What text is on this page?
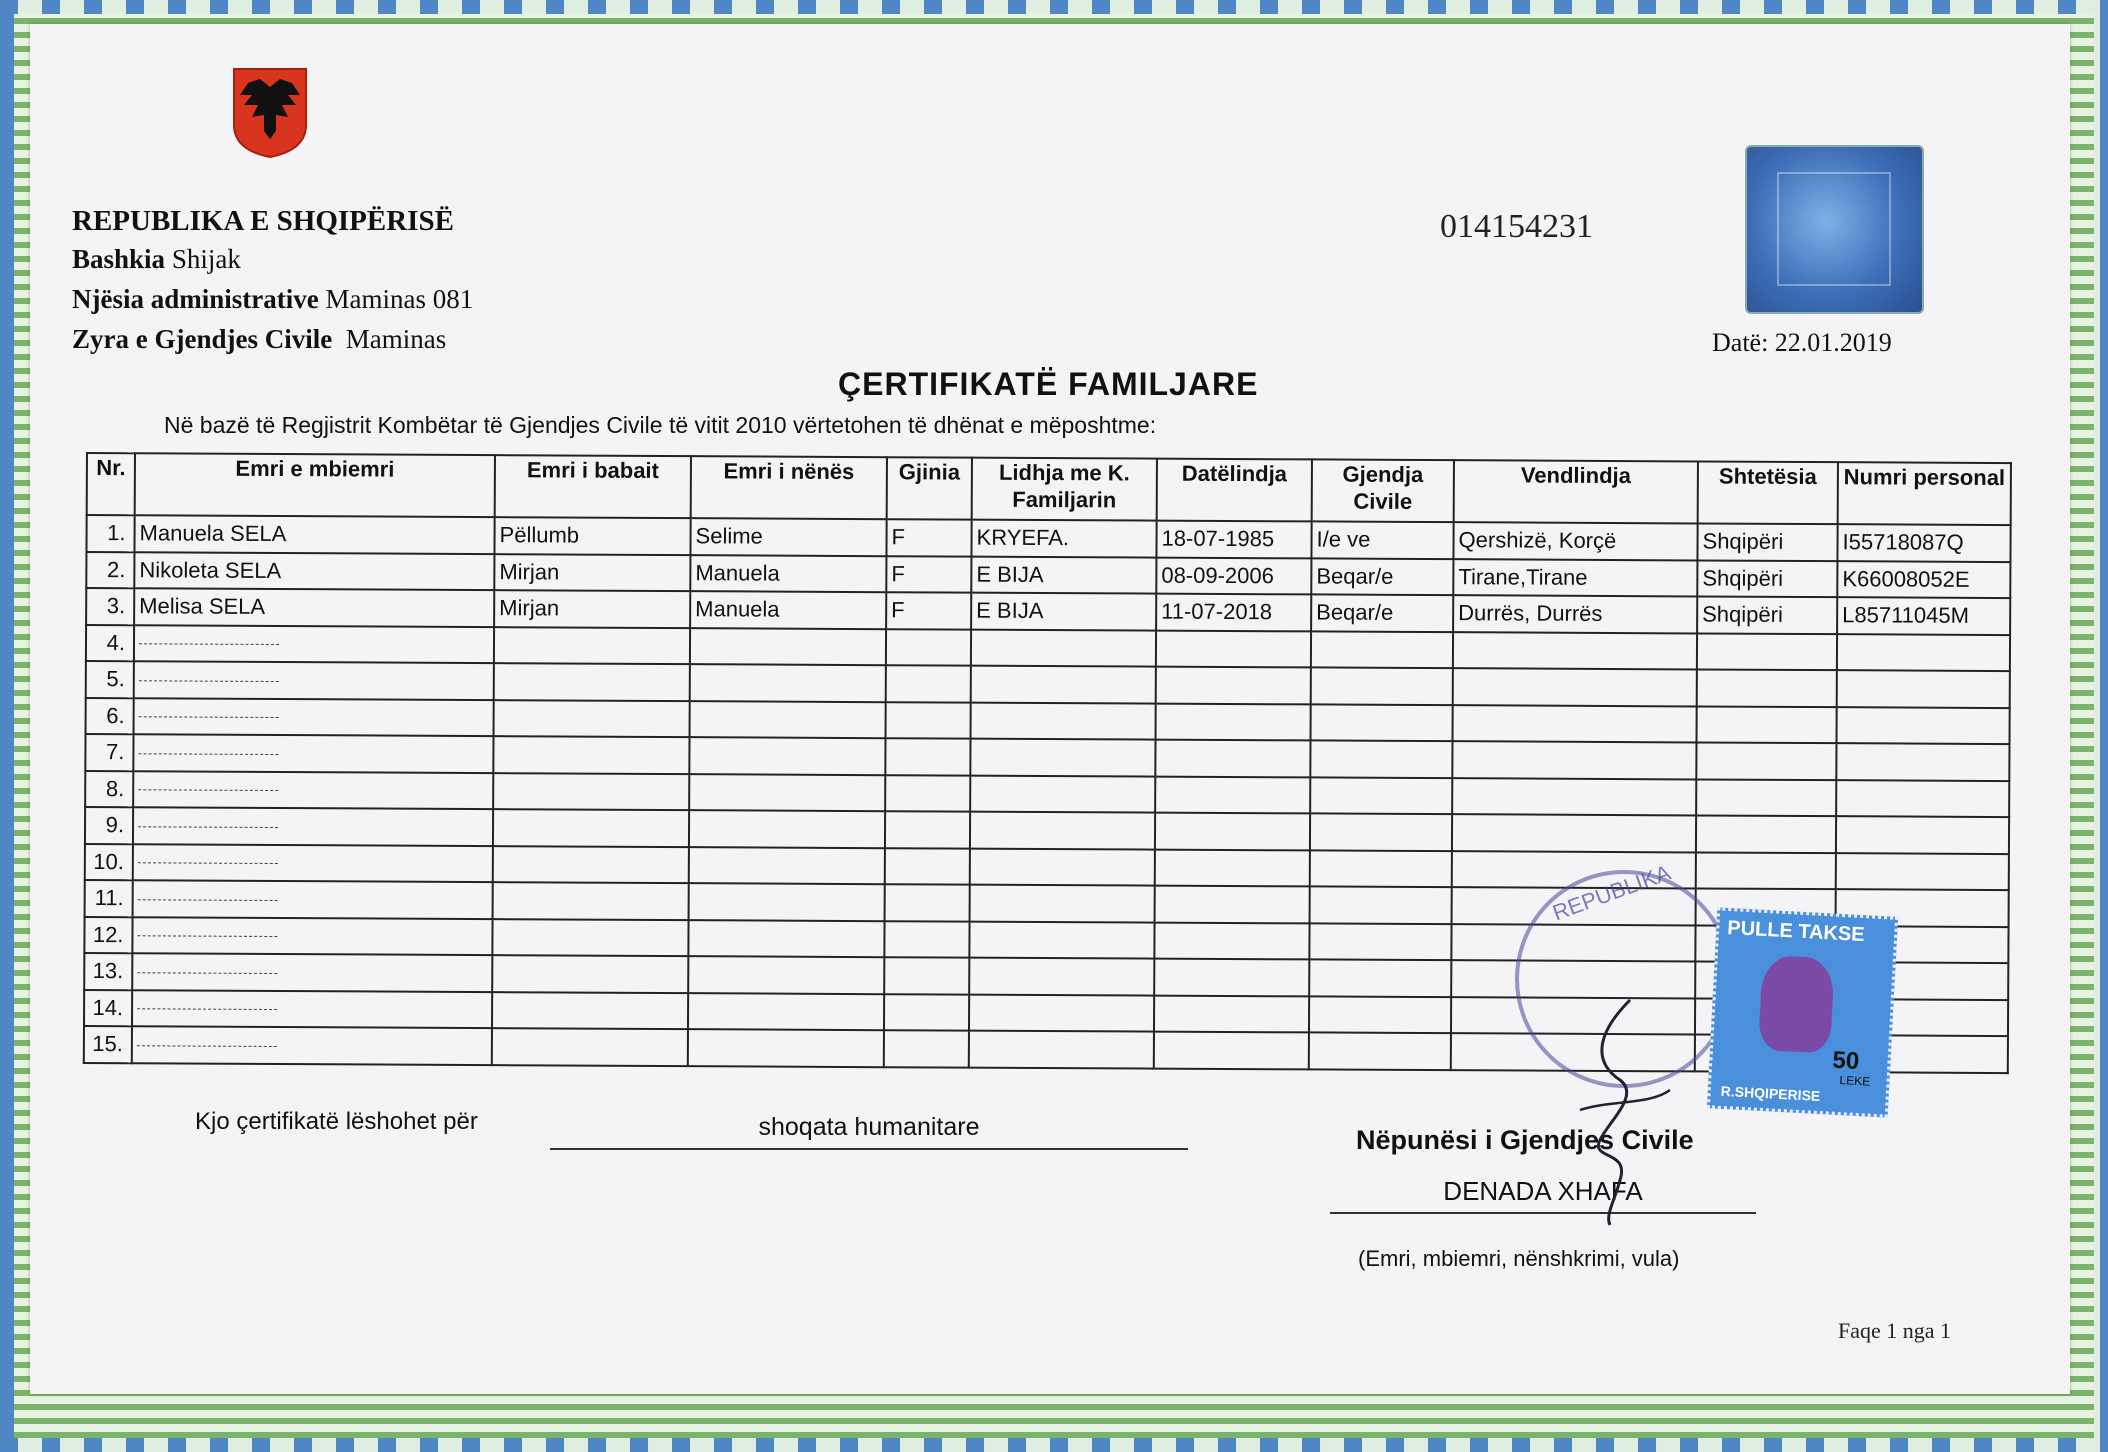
REPUBLIKA E SHQIPËRISË
Bashkia Shijak
Njësia administrative Maminas 081
Zyra e Gjendjes Civile Maminas
014154231
Datë: 22.01.2019
ÇERTIFIKATË FAMILJARE
Në bazë të Regjistrit Kombëtar të Gjendjes Civile të vitit 2010 vërtetohen të dhënat e mëposhtme:
Nr.	Emri e mbiemri	Emri i babait	Emri i nënës	Gjinia	Lidhja me K. Familjarin	Datëlindja	Gjendja Civile	Vendlindja	Shtetësia	Numri personal
1.	Manuela SELA	Pëllumb	Selime	F	KRYEFA.	18-07-1985	I/e ve	Qershizë, Korçë	Shqipëri	I55718087Q
2.	Nikoleta SELA	Mirjan	Manuela	F	E BIJA	08-09-2006	Beqar/e	Tirane,Tirane	Shqipëri	K66008052E
3.	Melisa SELA	Mirjan	Manuela	F	E BIJA	11-07-2018	Beqar/e	Durrës, Durrës	Shqipëri	L85711045M
4.										
5.										
6.										
7.										
8.										
9.										
10.										
11.										
12.										
13.										
14.										
15.										
REPUBLIKA
PULLE TAKSE
50
LEKE
R.SHQIPERISE
Kjo çertifikatë lëshohet për	shoqata humanitare	Nëpunësi i Gjendjes Civile
DENADA XHAFA
(Emri, mbiemri, nënshkrimi, vula)
Faqe 1 nga 1
